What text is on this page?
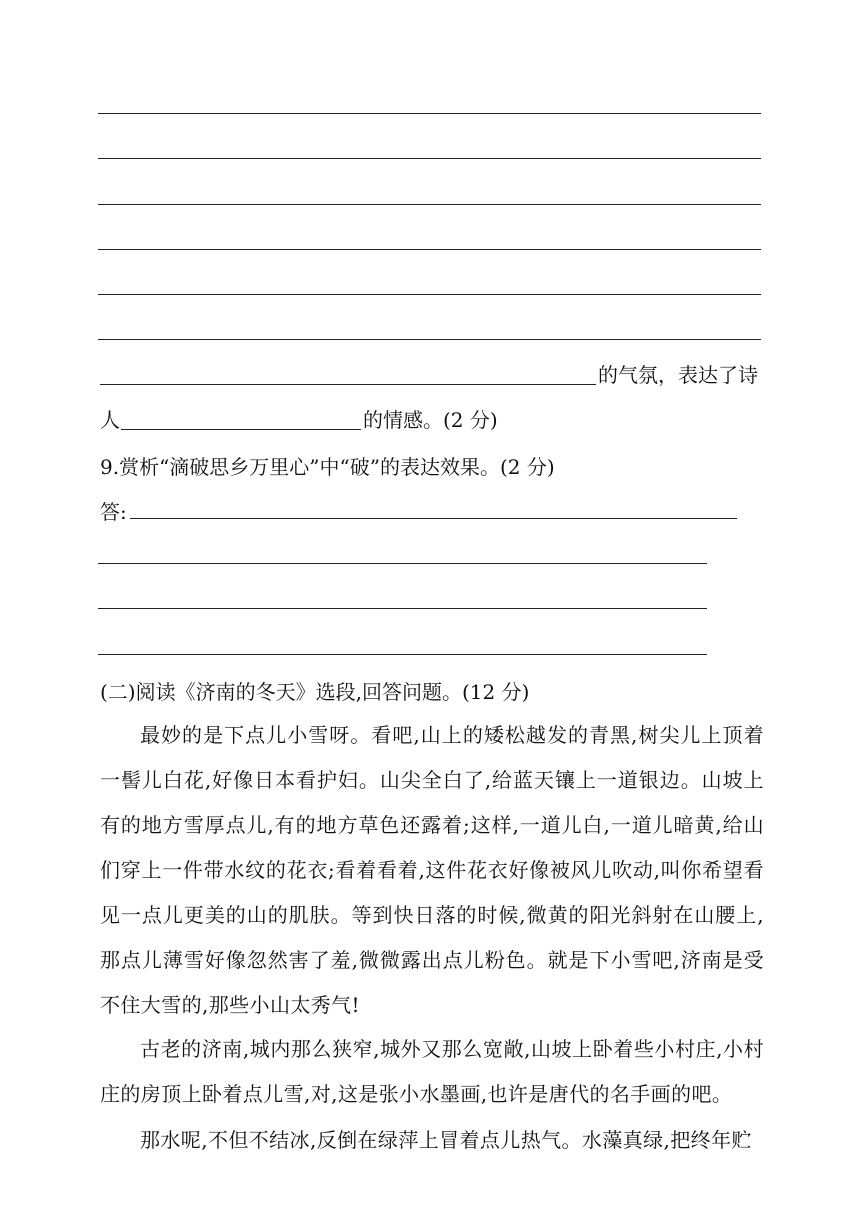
的气氛，表达了诗
人	的情感。(2 分)
9.赏析“滴破思乡万里心”中“破”的表达效果。(2 分)
答:
(二)阅读《济南的冬天》选段,回答问题。(12 分)
最妙的是下点儿小雪呀。看吧,山上的矮松越发的青黑,树尖儿上顶着一髻儿白花,好像日本看护妇。山尖全白了,给蓝天镶上一道银边。山坡上有的地方雪厚点儿,有的地方草色还露着;这样,一道儿白,一道儿暗黄,给山们穿上一件带水纹的花衣;看着看着,这件花衣好像被风儿吹动,叫你希望看见一点儿更美的山的肌肤。等到快日落的时候,微黄的阳光斜射在山腰上,那点儿薄雪好像忽然害了羞,微微露出点儿粉色。就是下小雪吧,济南是受不住大雪的,那些小山太秀气!
古老的济南,城内那么狭窄,城外又那么宽敞,山坡上卧着些小村庄,小村庄的房顶上卧着点儿雪,对,这是张小水墨画,也许是唐代的名手画的吧。
那水呢,不但不结冰,反倒在绿萍上冒着点儿热气。水藻真绿,把终年贮
